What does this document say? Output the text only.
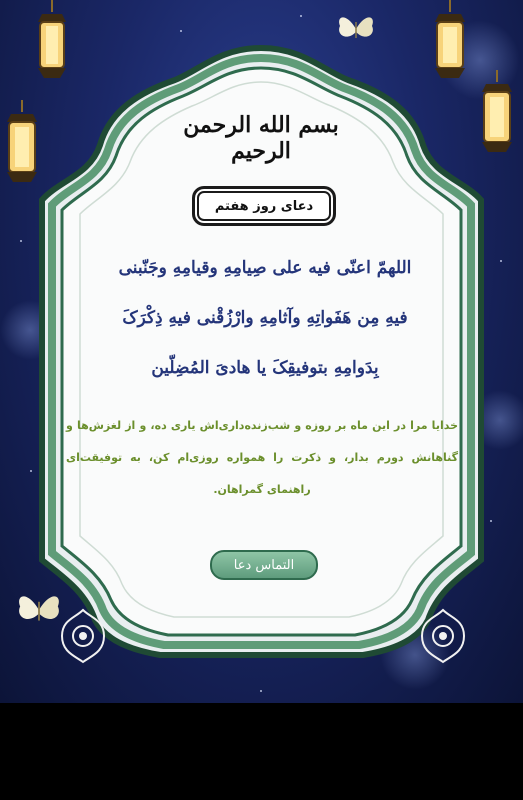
بسم الله الرحمن الرحیم
دعای روز هفتم
اللهمّ اعنّی فیه علی صِیامِهِ وقیامِهِ وجَنّبنی
فیهِ مِن هَفَواتِهِ وآثامِهِ وارْزُقْنی فیهِ ذِکْرَکَ
بِدَوامِهِ بتوفیقِکَ یا هادیَ المُضِلّین
خدایا مرا در این ماه بر روزه و شب‌زنده‌داری‌اش یاری ده، و از لغزش‌ها و گناهانش دورم بدار، و ذکرت را همواره روزی‌ام کن، به توفیقت‌ای راهنمای گمراهان.
التماس دعا
